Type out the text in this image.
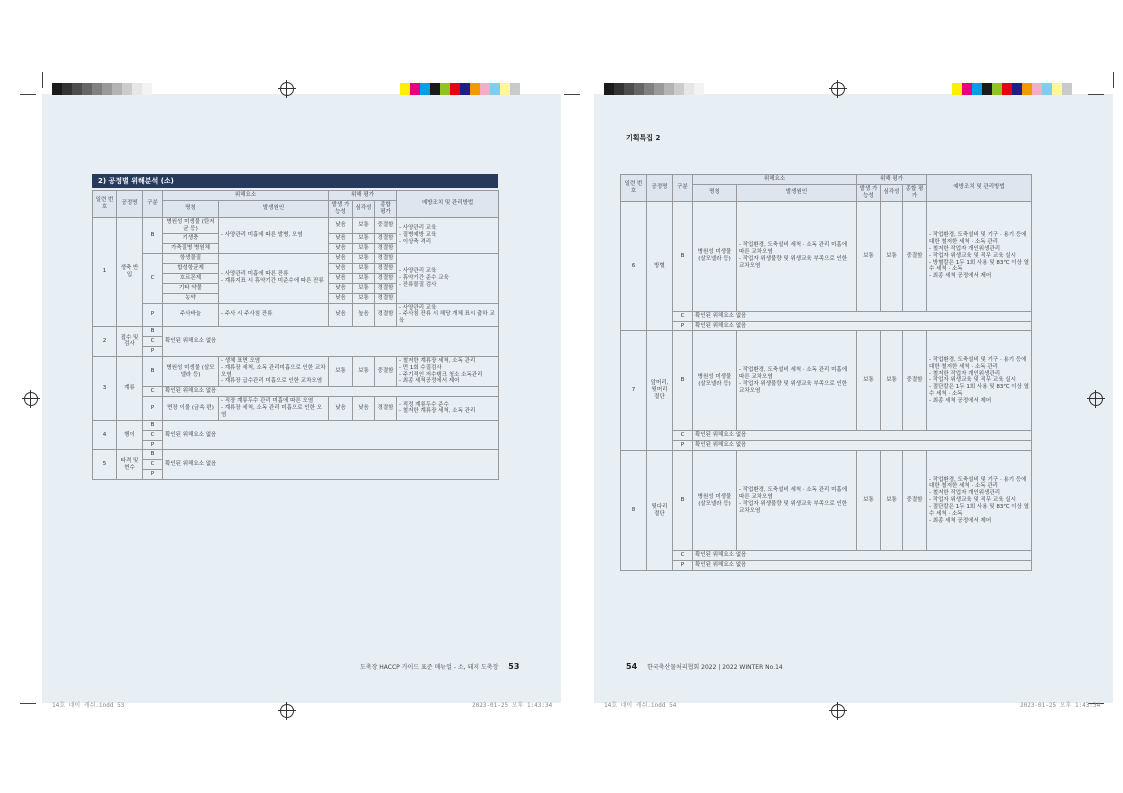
2) 공정별 위해분석 (소)
일련 번호	공정명	구분	위해요소		위해 평가			예방조치 및 관리방법
			명칭	발생원인	발생 가능성	심각성	종합 평가	
1	생축 반입	B	병원성 미생물 (탄저균 등)	- 사양관리 미흡에 따른 발병, 오염	낮음	보통	중결함	- 사양관리 교육
- 질병예방 교육
- 이상축 격리
			기생충		낮음	보통	경결함	
			가축질병 병원체		낮음	보통	경결함	
		C	항생물질	- 사양관리 미흡에 따른 잔류
- 계류지표 시 휴약기간 미준수에 따른 잔류	낮음	보통	경결함	- 사양관리 교육
- 휴약기간 준수 교육
- 잔류물질 검사
			합성항균제		낮음	보통	경결함	
			호르몬제		낮음	보통	경결함	
			기타 약물		낮음	보통	경결함	
			농약		낮음	보통	경결함	
		P	주사바늘	- 주사 시 주사침 잔류	낮음	높음	경결함	- 사양관리 교육
- 주사침 잔류 시 해당 개체 표시 출하 교육
2	접수 및 검사	B	확인된 위해요소 없음					
		C						
		P						
3	계류	B	병원성 미생물 (살모넬라 등)	- 생체 표면 오염
- 계류장 세척, 소독 관리미흡으로 인한 교차오염
- 계류장 급수관리 미흡으로 인한 교차오염	보통	보통	중결함	- 철저한 계류장 세척, 소독 관리
- 먼 1회 수질검사
- 주기적인 저수탱크 청소 소독관리
- 최종 세척공정에서 제어
		C	확인된 위해요소 없음					
		P	면장 이물 (금속 편)	- 직장 계류두수 관리 미흡에 따른 오염
- 계류장 세척, 소독 관리 미흡으로 인한 오염	낮음	낮음	경결함	- 적정 계류두수 준수
- 철저한 계류장 세척, 소독 관리
4	행이	B	확인된 위해요소 없음					
		C						
		P						
5	타격 및 현수	B	확인된 위해요소 없음					
		C						
		P						
도축장 HACCP 가이드 표준 매뉴얼 - 소, 돼지 도축장 53
14호 네이 캐쉬.indd 53	2023-01-25 오후 1:43:34
기획특집 2
일련 번호	공정명	구분	위해요소		위해 평가			예방조치 및 관리방법
			명칭	발생원인	발생 가능성	심각성	종합 평가	
6	방혈	B	병원성 미생물 (살모넬라 등)	- 작업환경, 도축설비 세척 · 소독 관리 미흡에 따른 교차오염
- 작업자 위생불량 및 위생교육 부족으로 인한 교차오염	보통	보통	중결함	- 작업환경, 도축설비 및 기구 · 용기 등에 대한 철저한 세척 · 소독 관리
- 철저한 작업자 개인위생관리
- 작업자 위생교육 및 직무 교육 실시
- 방혈칼은 1두 1회 사용 및 83℃ 이상 열수 세척 · 소독
- 최종 세척 공정에서 제어
		C	확인된 위해요소 없음					
		P	확인된 위해요소 없음					
7	앞머리, 뒷머리 절단	B	병원성 미생물 (살모넬라 등)	- 작업환경, 도축설비 세척 · 소독 관리 미흡에 따른 교차오염
- 작업자 위생불량 및 위생교육 부족으로 인한 교차오염	보통	보통	중결함	- 작업환경, 도축설비 및 기구 · 용기 등에 대한 철저한 세척 · 소독 관리
- 철저한 작업자 개인위생관리
- 작업자 위생교육 및 직무 교육 실시
- 절단칼은 1두 1회 사용 및 83℃ 이상 열수 세척 · 소독
- 최종 세척 공정에서 제어
		C	확인된 위해요소 없음					
		P	확인된 위해요소 없음					
8	뒷다리 절단	B	병원성 미생물 (살모넬라 등)	- 작업환경, 도축설비 세척 · 소독 관리 미흡에 따른 교차오염
- 작업자 위생불량 및 위생교육 부족으로 인한 교차오염	보통	보통	중결함	- 작업환경, 도축설비 및 기구 · 용기 등에 대한 철저한 세척 · 소독 관리
- 철저한 작업자 개인위생관리
- 작업자 위생교육 및 직무 교육 실시
- 절단칼은 1두 1회 사용 및 83℃ 이상 열수 세척 · 소독
- 최종 세척 공정에서 제어
		C	확인된 위해요소 없음					
		P	확인된 위해요소 없음					
54 한국축산물처리협회 2022 | 2022 WINTER No.14
14호 네이 캐쉬.indd 54	2023-01-25 오후 1:43:34
